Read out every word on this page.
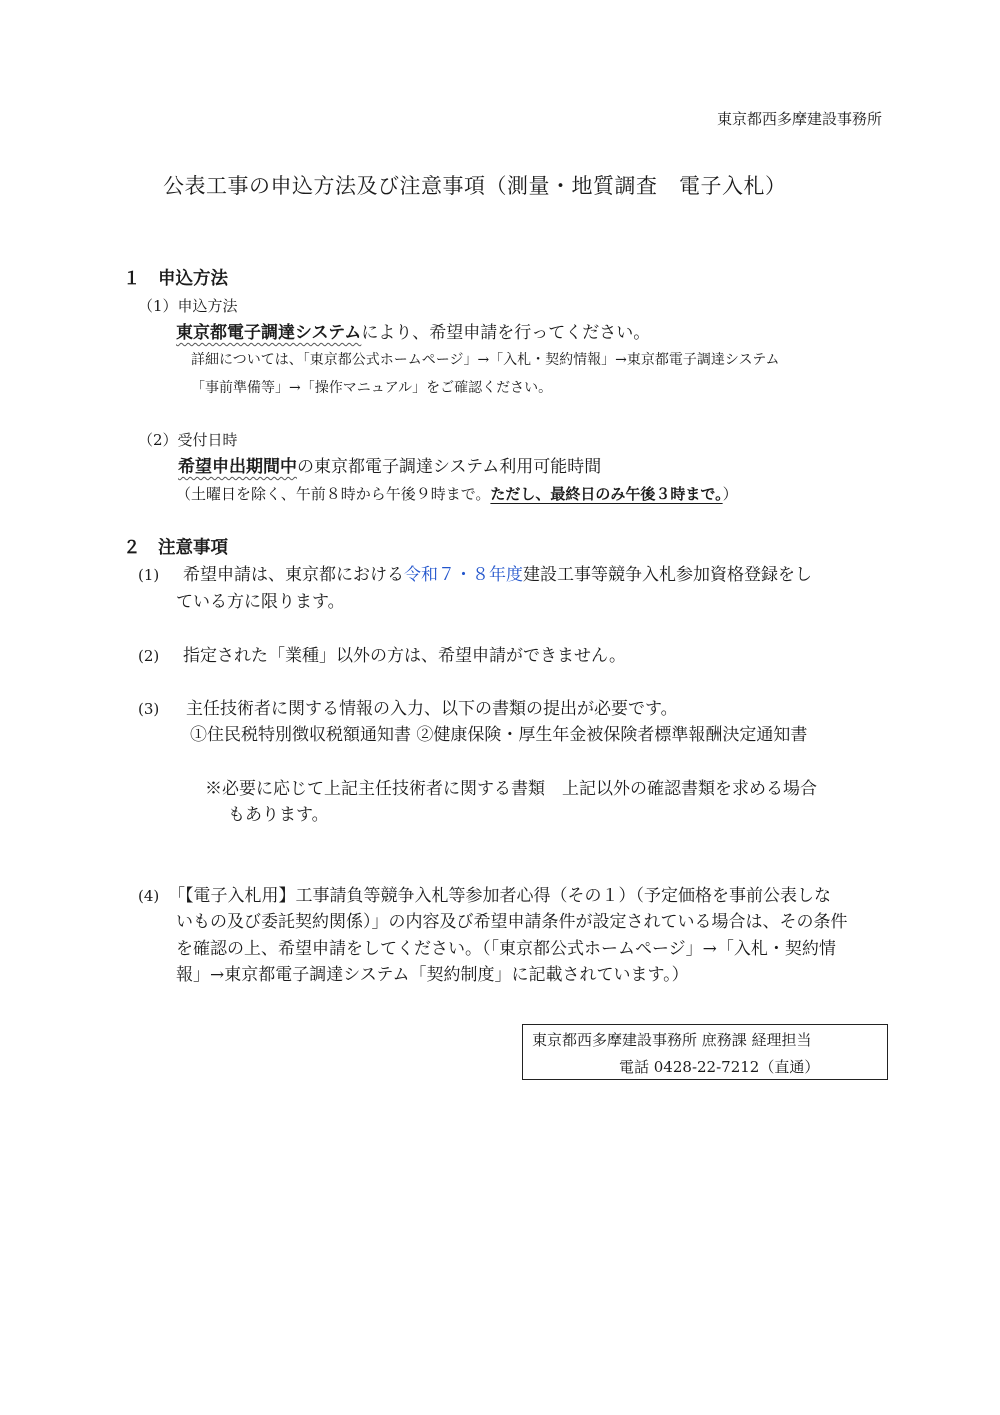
東京都西多摩建設事務所
公表工事の申込方法及び注意事項（測量・地質調査　電子入札）
１　申込方法
（1）申込方法
東京都電子調達システムにより、希望申請を行ってください。
詳細については、「東京都公式ホームページ」→「入札・契約情報」→東京都電子調達システム
「事前準備等」→「操作マニュアル」をご確認ください。
（2）受付日時
希望申出期間中の東京都電子調達システム利用可能時間
（土曜日を除く、午前８時から午後９時まで。ただし、最終日のみ午後３時まで。）
２　注意事項
(1) 希望申請は、東京都における令和７・８年度建設工事等競争入札参加資格登録をし
ている方に限ります。
(2) 指定された「業種」以外の方は、希望申請ができません。
(3) 主任技術者に関する情報の入力、以下の書類の提出が必要です。
①住民税特別徴収税額通知書 ②健康保険・厚生年金被保険者標準報酬決定通知書
※必要に応じて上記主任技術者に関する書類　上記以外の確認書類を求める場合
もあります。
(4) 「【電子入札用】工事請負等競争入札等参加者心得（その１）（予定価格を事前公表しな
いもの及び委託契約関係）」の内容及び希望申請条件が設定されている場合は、その条件
を確認の上、希望申請をしてください。（「東京都公式ホームページ」→「入札・契約情
報」→東京都電子調達システム「契約制度」に記載されています。）
東京都西多摩建設事務所 庶務課 経理担当
電話 0428-22-7212（直通）
